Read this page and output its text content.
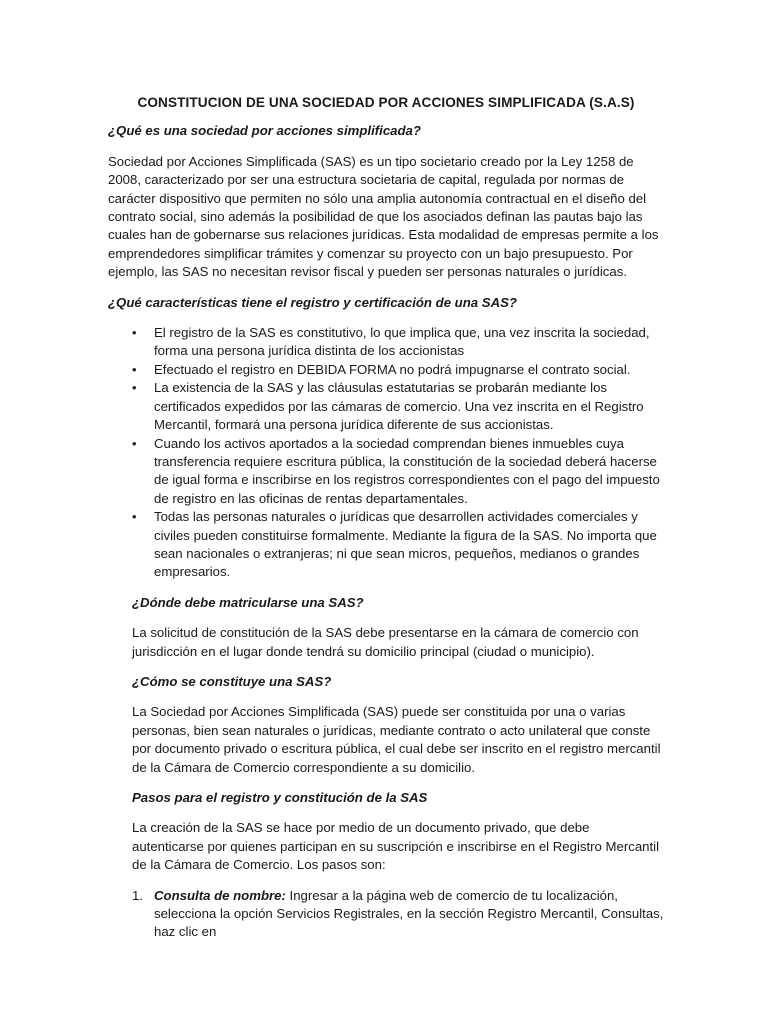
CONSTITUCION DE UNA SOCIEDAD POR ACCIONES SIMPLIFICADA (S.A.S)
¿Qué es una sociedad por acciones simplificada?
Sociedad por Acciones Simplificada (SAS) es un tipo societario creado por la Ley 1258 de 2008, caracterizado por ser una estructura societaria de capital, regulada por normas de carácter dispositivo que permiten no sólo una amplia autonomía contractual en el diseño del contrato social, sino además la posibilidad de que los asociados definan las pautas bajo las cuales han de gobernarse sus relaciones jurídicas. Esta modalidad de empresas permite a los emprendedores simplificar trámites y comenzar su proyecto con un bajo presupuesto. Por ejemplo, las SAS no necesitan revisor fiscal y pueden ser personas naturales o jurídicas.
¿Qué características tiene el registro y certificación de una SAS?
• El registro de la SAS es constitutivo, lo que implica que, una vez inscrita la sociedad, forma una persona jurídica distinta de los accionistas
• Efectuado el registro en DEBIDA FORMA no podrá impugnarse el contrato social.
• La existencia de la SAS y las cláusulas estatutarias se probarán mediante los certificados expedidos por las cámaras de comercio. Una vez inscrita en el Registro Mercantil, formará una persona jurídica diferente de sus accionistas.
• Cuando los activos aportados a la sociedad comprendan bienes inmuebles cuya transferencia requiere escritura pública, la constitución de la sociedad deberá hacerse de igual forma e inscribirse en los registros correspondientes con el pago del impuesto de registro en las oficinas de rentas departamentales.
• Todas las personas naturales o jurídicas que desarrollen actividades comerciales y civiles pueden constituirse formalmente. Mediante la figura de la SAS. No importa que sean nacionales o extranjeras; ni que sean micros, pequeños, medianos o grandes empresarios.
¿Dónde debe matricularse una SAS?
La solicitud de constitución de la SAS debe presentarse en la cámara de comercio con jurisdicción en el lugar donde tendrá su domicilio principal (ciudad o municipio).
¿Cómo se constituye una SAS?
La Sociedad por Acciones Simplificada (SAS) puede ser constituida por una o varias personas, bien sean naturales o jurídicas, mediante contrato o acto unilateral que conste por documento privado o escritura pública, el cual debe ser inscrito en el registro mercantil de la Cámara de Comercio correspondiente a su domicilio.
Pasos para el registro y constitución de la SAS
La creación de la SAS se hace por medio de un documento privado, que debe autenticarse por quienes participan en su suscripción e inscribirse en el Registro Mercantil de la Cámara de Comercio. Los pasos son:
1. Consulta de nombre: Ingresar a la página web de comercio de tu localización, selecciona la opción Servicios Registrales, en la sección Registro Mercantil, Consultas, haz clic en
